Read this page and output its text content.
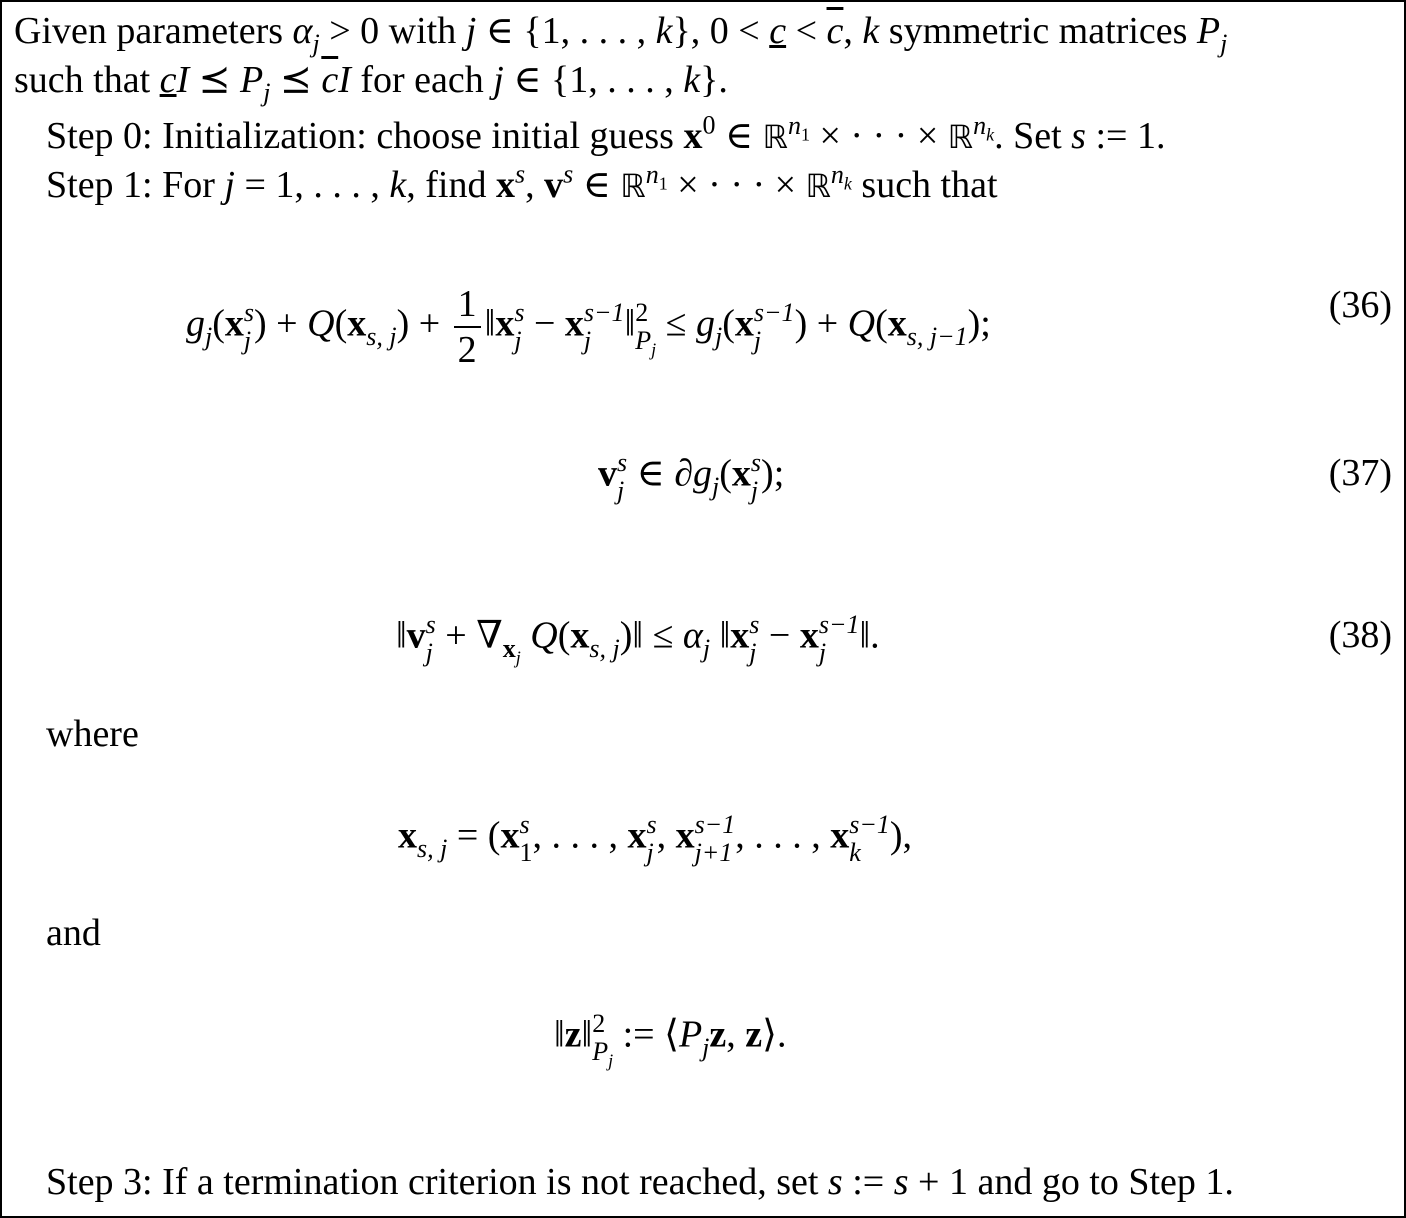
Given parameters $\alpha_j > 0$ with j ∈ {1, . . . , k}, $0 < c < \overline{c}$, k symmetric matrices $P_j$
such that cI ⪯ $P_j$ ⪯ $\overline{c}I$ for each j ∈ {1, . . . , k}.
Step 0: Initialization: choose initial guess $x^0$ ∈ ℝ$^{n_1}$ × · · · × ℝ$^{n_k}$. Set s := 1.
Step 1: For j = 1, . . . , k, find $x^s$, $v^s$ ∈ ℝ$^{n_1}$ × · · · × ℝ$^{n_k}$ such that
$g_j(x$ s
j ) + $Q(x_{s, j}) + \frac{1}{2}$ ‖x s
j − x s−1
j ‖ 2
$P_j$
≤ $g_j(x$ s−1
j ) + $Q(x_{s, j-1})$;	(36)
v s
j ∈ $\partial g_j(x$ s
j );	(37)
‖v s
$j + \nabla_{x_j}$ $Q(x_{s, j})‖ \le \alpha_j$ ‖x s
j − x s−1
j ‖.	(38)
where
$x_{s, j} = (x$ s
1 , . . . , x s
j , x s−1
j+1 , . . . , x s−1
k ),
and
‖z‖ 2
$P_j$
:= $⟨P_jz$, z⟩.
Step 3: If a termination criterion is not reached, set s := s + 1 and go to Step 1.
